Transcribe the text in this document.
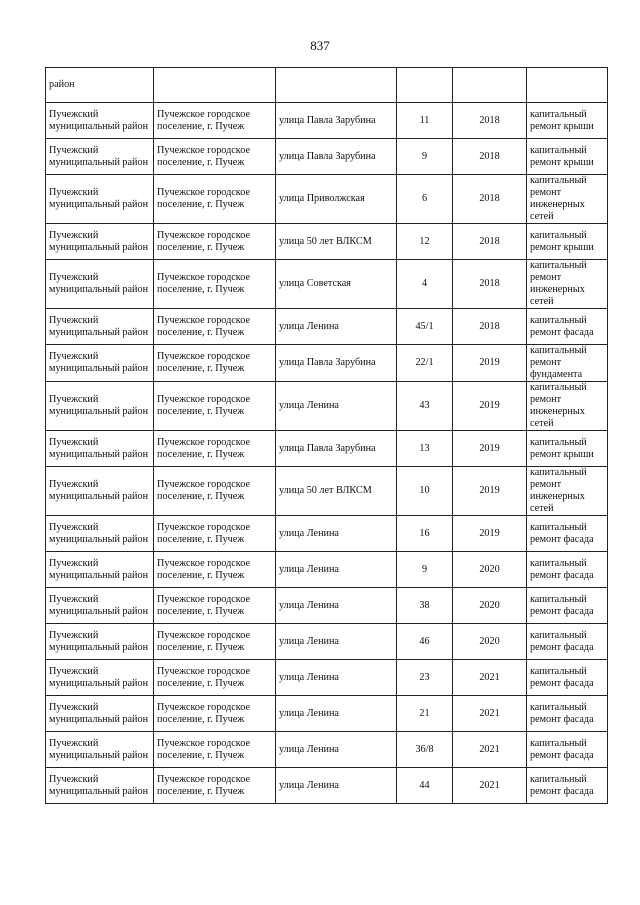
837
район					
Пучежский муниципальный район	Пучежское городское поселение, г. Пучеж	улица Павла Зарубина	11	2018	капитальный ремонт крыши
Пучежский муниципальный район	Пучежское городское поселение, г. Пучеж	улица Павла Зарубина	9	2018	капитальный ремонт крыши
Пучежский муниципальный район	Пучежское городское поселение, г. Пучеж	улица Приволжская	6	2018	капитальный ремонт инженерных сетей
Пучежский муниципальный район	Пучежское городское поселение, г. Пучеж	улица 50 лет ВЛКСМ	12	2018	капитальный ремонт крыши
Пучежский муниципальный район	Пучежское городское поселение, г. Пучеж	улица Советская	4	2018	капитальный ремонт инженерных сетей
Пучежский муниципальный район	Пучежское городское поселение, г. Пучеж	улица Ленина	45/1	2018	капитальный ремонт фасада
Пучежский муниципальный район	Пучежское городское поселение, г. Пучеж	улица Павла Зарубина	22/1	2019	капитальный ремонт фундамента
Пучежский муниципальный район	Пучежское городское поселение, г. Пучеж	улица Ленина	43	2019	капитальный ремонт инженерных сетей
Пучежский муниципальный район	Пучежское городское поселение, г. Пучеж	улица Павла Зарубина	13	2019	капитальный ремонт крыши
Пучежский муниципальный район	Пучежское городское поселение, г. Пучеж	улица 50 лет ВЛКСМ	10	2019	капитальный ремонт инженерных сетей
Пучежский муниципальный район	Пучежское городское поселение, г. Пучеж	улица Ленина	16	2019	капитальный ремонт фасада
Пучежский муниципальный район	Пучежское городское поселение, г. Пучеж	улица Ленина	9	2020	капитальный ремонт фасада
Пучежский муниципальный район	Пучежское городское поселение, г. Пучеж	улица Ленина	38	2020	капитальный ремонт фасада
Пучежский муниципальный район	Пучежское городское поселение, г. Пучеж	улица Ленина	46	2020	капитальный ремонт фасада
Пучежский муниципальный район	Пучежское городское поселение, г. Пучеж	улица Ленина	23	2021	капитальный ремонт фасада
Пучежский муниципальный район	Пучежское городское поселение, г. Пучеж	улица Ленина	21	2021	капитальный ремонт фасада
Пучежский муниципальный район	Пучежское городское поселение, г. Пучеж	улица Ленина	36/8	2021	капитальный ремонт фасада
Пучежский муниципальный район	Пучежское городское поселение, г. Пучеж	улица Ленина	44	2021	капитальный ремонт фасада
